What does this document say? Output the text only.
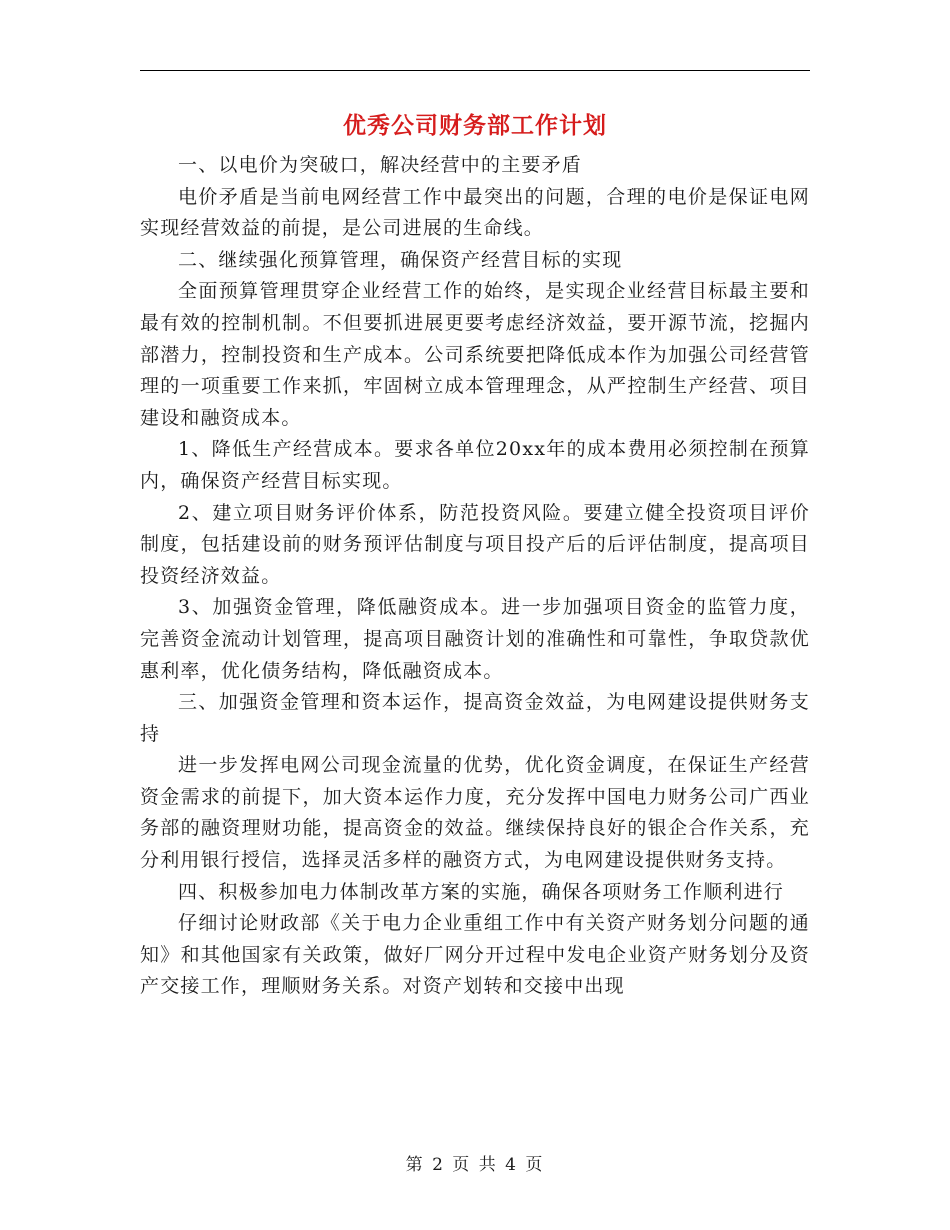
优秀公司财务部工作计划

一、以电价为突破口，解决经营中的主要矛盾

电价矛盾是当前电网经营工作中最突出的问题，合理的电价是保证电网实现经营效益的前提，是公司进展的生命线。

二、继续强化预算管理，确保资产经营目标的实现

全面预算管理贯穿企业经营工作的始终，是实现企业经营目标最主要和最有效的控制机制。不但要抓进展更要考虑经济效益，要开源节流，挖掘内部潜力，控制投资和生产成本。公司系统要把降低成本作为加强公司经营管理的一项重要工作来抓，牢固树立成本管理理念，从严控制生产经营、项目建设和融资成本。

1、降低生产经营成本。要求各单位20xx年的成本费用必须控制在预算内，确保资产经营目标实现。

2、建立项目财务评价体系，防范投资风险。要建立健全投资项目评价制度，包括建设前的财务预评估制度与项目投产后的后评估制度，提高项目投资经济效益。

3、加强资金管理，降低融资成本。进一步加强项目资金的监管力度，完善资金流动计划管理，提高项目融资计划的准确性和可靠性，争取贷款优惠利率，优化债务结构，降低融资成本。

三、加强资金管理和资本运作，提高资金效益，为电网建设提供财务支持

进一步发挥电网公司现金流量的优势，优化资金调度，在保证生产经营资金需求的前提下，加大资本运作力度，充分发挥中国电力财务公司广西业务部的融资理财功能，提高资金的效益。继续保持良好的银企合作关系，充分利用银行授信，选择灵活多样的融资方式，为电网建设提供财务支持。

四、积极参加电力体制改革方案的实施，确保各项财务工作顺利进行

仔细讨论财政部《关于电力企业重组工作中有关资产财务划分问题的通知》和其他国家有关政策，做好厂网分开过程中发电企业资产财务划分及资产交接工作，理顺财务关系。对资产划转和交接中出现

第 2 页 共 4 页
